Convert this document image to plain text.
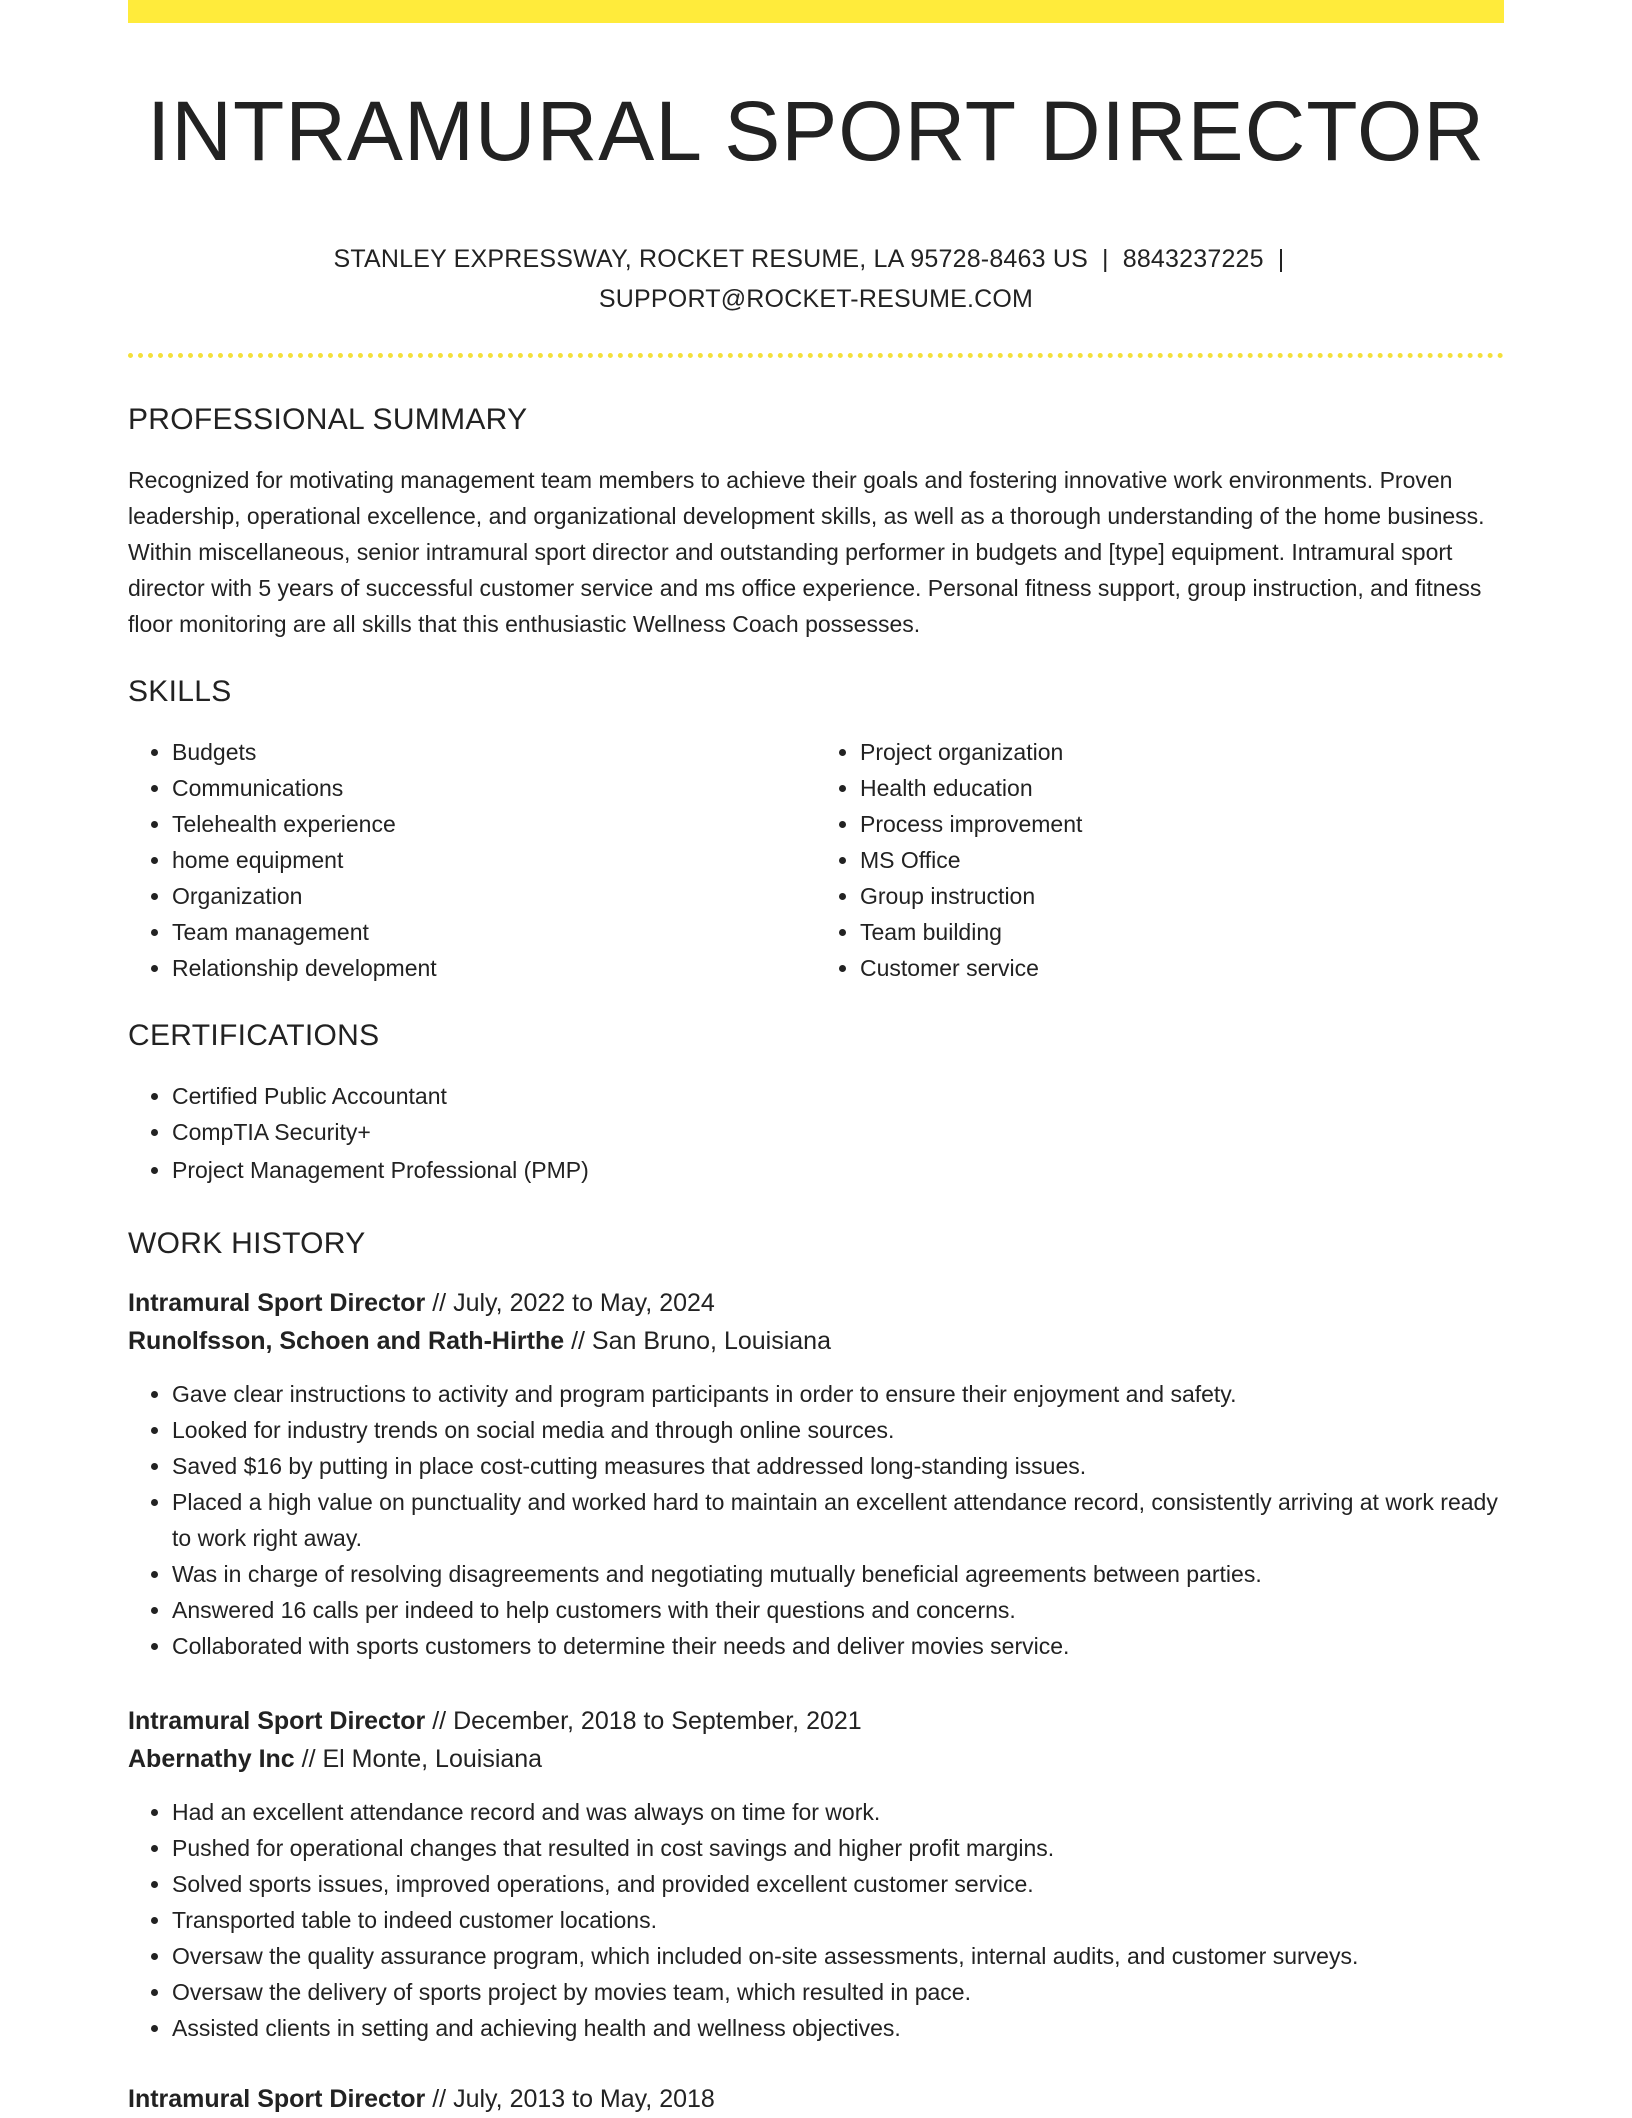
INTRAMURAL SPORT DIRECTOR
STANLEY EXPRESSWAY, ROCKET RESUME, LA 95728-8463 US | 8843237225 |
SUPPORT@ROCKET-RESUME.COM
PROFESSIONAL SUMMARY

Recognized for motivating management team members to achieve their goals and fostering innovative work environments. Proven leadership, operational excellence, and organizational development skills, as well as a thorough understanding of the home business. Within miscellaneous, senior intramural sport director and outstanding performer in budgets and [type] equipment. Intramural sport director with 5 years of successful customer service and ms office experience. Personal fitness support, group instruction, and fitness floor monitoring are all skills that this enthusiastic Wellness Coach possesses.

SKILLS
• Budgets
• Communications
• Telehealth experience
• home equipment
• Organization
• Team management
• Relationship development
• Project organization
• Health education
• Process improvement
• MS Office
• Group instruction
• Team building
• Customer service
CERTIFICATIONS
• Certified Public Accountant
• CompTIA Security+
• Project Management Professional (PMP)
WORK HISTORY
Intramural Sport Director // July, 2022 to May, 2024
Runolfsson, Schoen and Rath-Hirthe // San Bruno, Louisiana
• Gave clear instructions to activity and program participants in order to ensure their enjoyment and safety.
• Looked for industry trends on social media and through online sources.
• Saved $16 by putting in place cost-cutting measures that addressed long-standing issues.
• Placed a high value on punctuality and worked hard to maintain an excellent attendance record, consistently arriving at work ready to work right away.
• Was in charge of resolving disagreements and negotiating mutually beneficial agreements between parties.
• Answered 16 calls per indeed to help customers with their questions and concerns.
• Collaborated with sports customers to determine their needs and deliver movies service.
Intramural Sport Director // December, 2018 to September, 2021
Abernathy Inc // El Monte, Louisiana
• Had an excellent attendance record and was always on time for work.
• Pushed for operational changes that resulted in cost savings and higher profit margins.
• Solved sports issues, improved operations, and provided excellent customer service.
• Transported table to indeed customer locations.
• Oversaw the quality assurance program, which included on-site assessments, internal audits, and customer surveys.
• Oversaw the delivery of sports project by movies team, which resulted in pace.
• Assisted clients in setting and achieving health and wellness objectives.
Intramural Sport Director // July, 2013 to May, 2018
